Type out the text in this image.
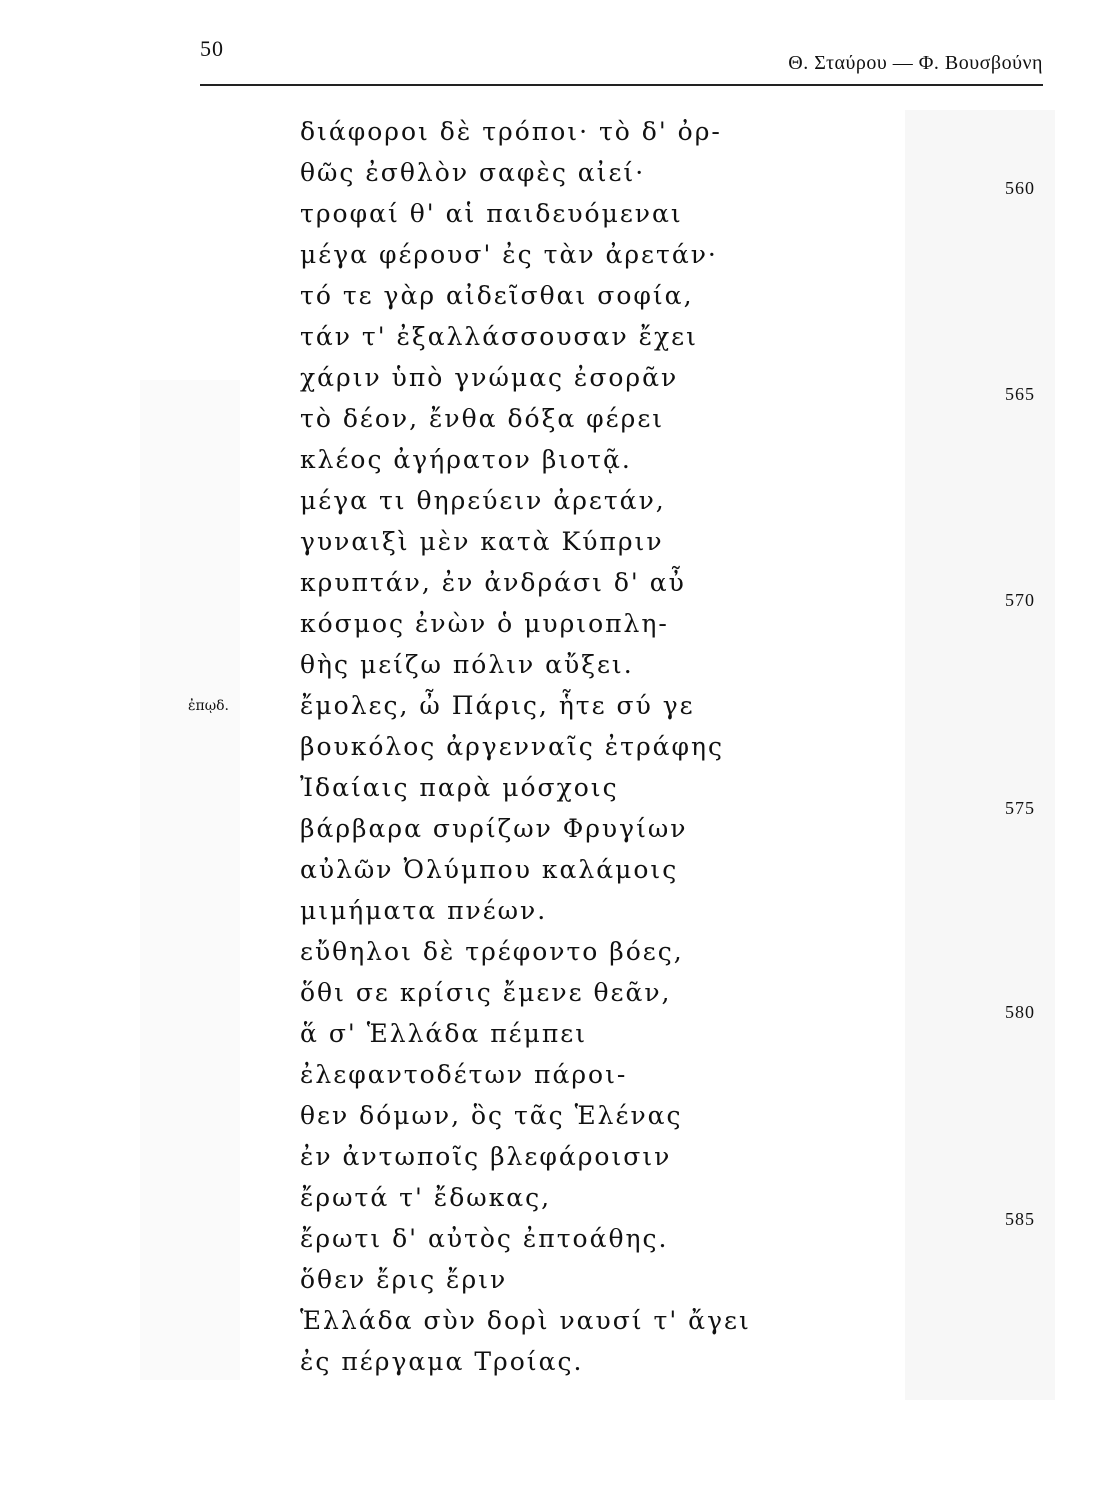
50
Θ. Σταύρου — Φ. Βουσβούνη
διάφοροι δὲ τρόποι· τὸ δ' ὀρ-
θῶς ἐσθλὸν σαφὲς αἰεί·
τροφαί θ' αἱ παιδευόμεναι
μέγα φέρουσ' ἐς τὰν ἀρετάν·
τό τε γὰρ αἰδεῖσθαι σοφία,
τάν τ' ἐξαλλάσσουσαν ἔχει
χάριν ὑπὸ γνώμας ἐσορᾶν
τὸ δέον, ἔνθα δόξα φέρει
κλέος ἀγήρατον βιοτᾷ.
μέγα τι θηρεύειν ἀρετάν,
γυναιξὶ μὲν κατὰ Κύπριν
κρυπτάν, ἐν ἀνδράσι δ' αὖ
κόσμος ἐνὼν ὁ μυριοπλη-
θὴς μείζω πόλιν αὔξει.
ἔμολες, ὦ Πάρις, ἧτε σύ γε
βουκόλος ἀργενναῖς ἐτράφης
Ἰδαίαις παρὰ μόσχοις
βάρβαρα συρίζων Φρυγίων
αὐλῶν Ὀλύμπου καλάμοις
μιμήματα πνέων.
εὔθηλοι δὲ τρέφοντο βόες,
ὅθι σε κρίσις ἔμενε θεᾶν,
ἅ σ' Ἑλλάδα πέμπει
ἐλεφαντοδέτων πάροι-
θεν δόμων, ὃς τᾶς Ἑλένας
ἐν ἀντωποῖς βλεφάροισιν
ἔρωτά τ' ἔδωκας,
ἔρωτι δ' αὐτὸς ἐπτοάθης.
ὅθεν ἔρις ἔριν
Ἑλλάδα σὺν δορὶ ναυσί τ' ἄγει
ἐς πέργαμα Τροίας.
560
565
570
575
580
585
ἐπῳδ.
